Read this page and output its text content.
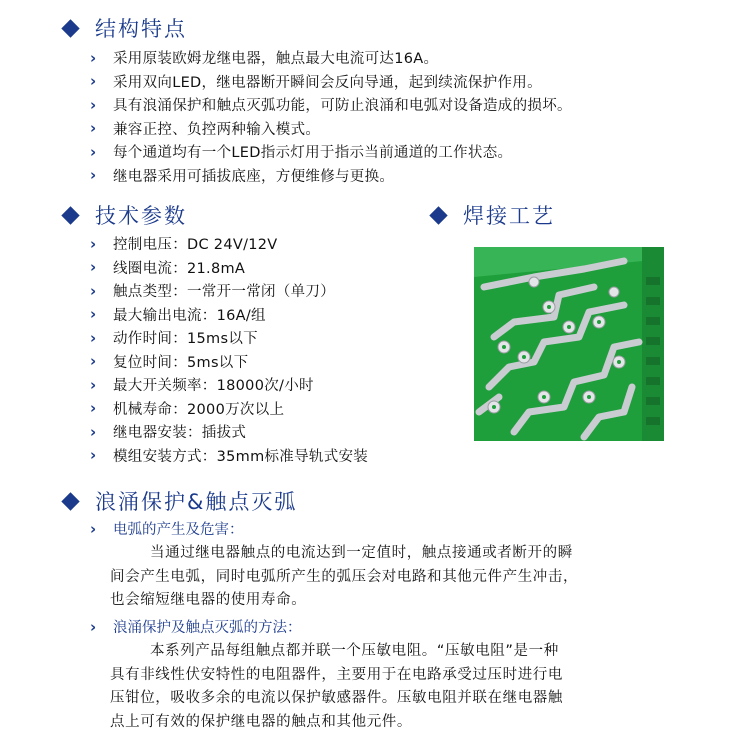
结构特点
›	采用原装欧姆龙继电器，触点最大电流可达16A。
›	采用双向LED，继电器断开瞬间会反向导通，起到续流保护作用。
›	具有浪涌保护和触点灭弧功能，可防止浪涌和电弧对设备造成的损坏。
›	兼容正控、负控两种输入模式。
›	每个通道均有一个LED指示灯用于指示当前通道的工作状态。
›	继电器采用可插拔底座，方便维修与更换。
技术参数
›	控制电压：DC 24V/12V
›	线圈电流：21.8mA
›	触点类型：一常开一常闭（单刀）
›	最大输出电流：16A/组
›	动作时间：15ms以下
›	复位时间：5ms以下
›	最大开关频率：18000次/小时
›	机械寿命：2000万次以上
›	继电器安装：插拔式
›	模组安装方式：35mm标准导轨式安装
焊接工艺
浪涌保护&触点灭弧
›	电弧的产生及危害：
当通过继电器触点的电流达到一定值时，触点接通或者断开的瞬
间会产生电弧，同时电弧所产生的弧压会对电路和其他元件产生冲击，
也会缩短继电器的使用寿命。
›	浪涌保护及触点灭弧的方法：
本系列产品每组触点都并联一个压敏电阻。“压敏电阻”是一种
具有非线性伏安特性的电阻器件，主要用于在电路承受过压时进行电
压钳位，吸收多余的电流以保护敏感器件。压敏电阻并联在继电器触
点上可有效的保护继电器的触点和其他元件。
